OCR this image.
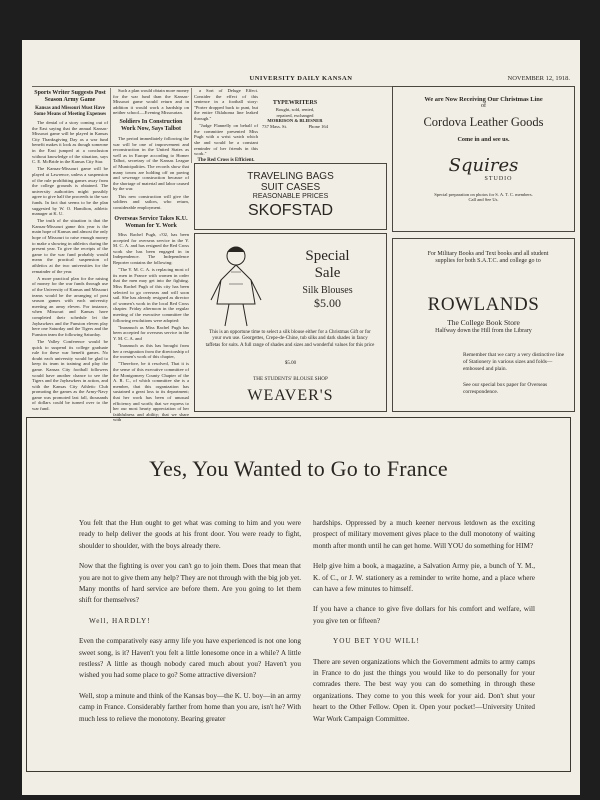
UNIVERSITY DAILY KANSAN	NOVEMBER 12, 1918.

Sports Writer Suggests Post Season Army Game

Kansas and Missouri Must Have Some Means of Meeting Expenses

The denial of a story coming out of the East saying that the annual Kansas-Missouri game will be played in Kansas City Thanksgiving Day as a war fund benefit makes it look as though someone in the East jumped at a conclusion without knowledge of the situation, says C. E. McBride in the Kansas City Star.

The Kansas-Missouri game will be played at Lawrence, unless a suspension of the rule prohibiting games away from the college grounds is obtained. The university authorities might possibly agree to give half the proceeds to the war funds. In fact that seems to be the plan suggested by W. O. Hamilton, athletic manager at K. U.

The truth of the situation is that the Kansas-Missouri game this year is the main hope of Kansas and almost the only hope of Missouri to raise enough money to make a showing in athletics during the present year. To give the receipts of the game to the war fund probably would mean the practical suspension of athletics at the two universities for the remainder of the year.

A more practical plan for the raising of money for the war funds through use of the University of Kansas and Missouri teams would be the arranging of post season games with each university meeting an army eleven. For instance, when Missouri and Kansas have completed their schedule let the Jayhawkers and the Funston eleven play here one Saturday and the Tigers and the Funston team the following Saturday.

The Valley Conference would be quick to suspend its college graduate rule for these war benefit games. No doubt each university would be glad to keep its team in training and play the game. Kansas City football followers would have another chance to see the Tigers and the Jayhawkers in action, and with the Kansas City Athletic Club promoting the games as the Army-Navy game was promoted last fall, thousands of dollars could be turned over to the war fund.

Such a plan would obtain more money for the war fund than the Kansas-Missouri game would return and in addition it would work a hardship on neither school.—Evening Missourian.

Soldiers In Construction Work Now, Says Talbot

The period immediately following the war will be one of improvement and reconstruction in the United States as well as in Europe according to Homer Talbot, secretary of the Kansas League of Municipalities. The records show that many towns are holding off on paving and sewerage construction because of the shortage of material and labor caused by the war.

This new construction will give the soldiers and sailors, who return, considerable employment.

Overseas Service Takes K.U. Woman for Y. Work

Miss Rachel Pugh, c'02, has been accepted for overseas service in the Y. M. C. A. and has resigned the Red Cross work she has been engaged in in Independence. The Independence Reporter contains the following:

"The Y. M. C. A. is replacing most of its men in France with women in order that the men may get into the fighting. Miss Rachel Pugh of this city has been selected to go overseas and will soon sail. She has already resigned as director of women's work in the local Red Cross chapter. Friday afternoon in the regular meeting of the executive committee the following resolutions were adopted:

"Inasmuch as Miss Rachel Pugh has been accepted for overseas service in the Y. M. C. A. and

"Inasmuch as this has brought from her a resignation from the directorship of the women's work of this chapter,

"Therefore, be it resolved, That it is the sense of this executive committee of the Montgomery County Chapter of the A. R. C., of which committee she is a member, that this organization has sustained a great loss to its department; that her work has been of unusual efficiency and worth; that we express to her our most hearty appreciation of her faithfulness and ability; that we share with

a Sort of Deluge Effect. Consider the effect of this sentence in a football story: "Porter dropped back to punt, but the entire Oklahoma line leaked through."

"Judge Flannelly on behalf of the committee presented Miss Pugh with a wrist watch which she and would be a constant reminder of her friends in this work."

The Red Cross is Efficient.

TYPEWRITERS
Bought, sold, rented,
repaired, exchanged
MORRISON & BLIESNER
737 Mass. St.	Phone 164
We are Now Receiving Our Christmas Line
of
Cordova Leather Goods
Come in and see us.
Squires
STUDIO
Special preparation on photos for S. A. T. C. members.
Call and See Us.
TRAVELING BAGS
SUIT CASES
REASONABLE PRICES
SKOFSTAD
Special
Sale
Silk Blouses
$5.00
This is an opportune time to select a silk blouse either for a Christmas Gift or for your own use. Georgettes, Crepe-de-Chine, tub silks and dark shades in fancy taffetas for suits. A full range of shades and sizes and wonderful values for this price
$5.00
THE STUDENTS' BLOUSE SHOP
WEAVER'S
For Military Books and Text books and all student supplies for both S.A.T.C. and college go to
ROWLANDS
The College Book Store
Halfway down the Hill from the Library
Remember that we carry a very distinctive line of Stationery in various sizes and folds—embossed and plain.
See our special box paper for Overseas correspondence.
Yes, You Wanted to Go to France

You felt that the Hun ought to get what was coming to him and you were ready to help deliver the goods at his front door. You were ready to fight, shoulder to shoulder, with the boys already there.

Now that the fighting is over you can't go to join them. Does that mean that you are not to give them any help? They are not through with the big job yet. Many months of hard service are before them. Are you going to let them shift for themselves?

Well, HARDLY!

Even the comparatively easy army life you have experienced is not one long sweet song, is it? Haven't you felt a little lonesome once in a while? A little restless? A little as though nobody cared much about you? Haven't you wished you had some place to go? Some attractive diversion?

Well, stop a minute and think of the Kansas boy—the K. U. boy—in an army camp in France. Considerably farther from home than you are, isn't he? With much less to relieve the monotony. Bearing greater

hardships. Oppressed by a much keener nervous letdown as the exciting prospect of military movement gives place to the dull monotony of waiting month after month until he can get home. Will YOU do something for HIM?

Help give him a book, a magazine, a Salvation Army pie, a bunch of Y. M., K. of C., or J. W. stationery as a reminder to write home, and a place where can have a few minutes to himself.

If you have a chance to give five dollars for his comfort and welfare, will you give ten or fifteen?

YOU BET YOU WILL!

There are seven organizations which the Government admits to army camps in France to do just the things you would like to do personally for your comrades there. The best way you can do something in through these organizations. They come to you this week for your aid. Don't shut your heart to the Other Fellow. Open it. Open your pocket!—University United War Work Campaign Committee.
